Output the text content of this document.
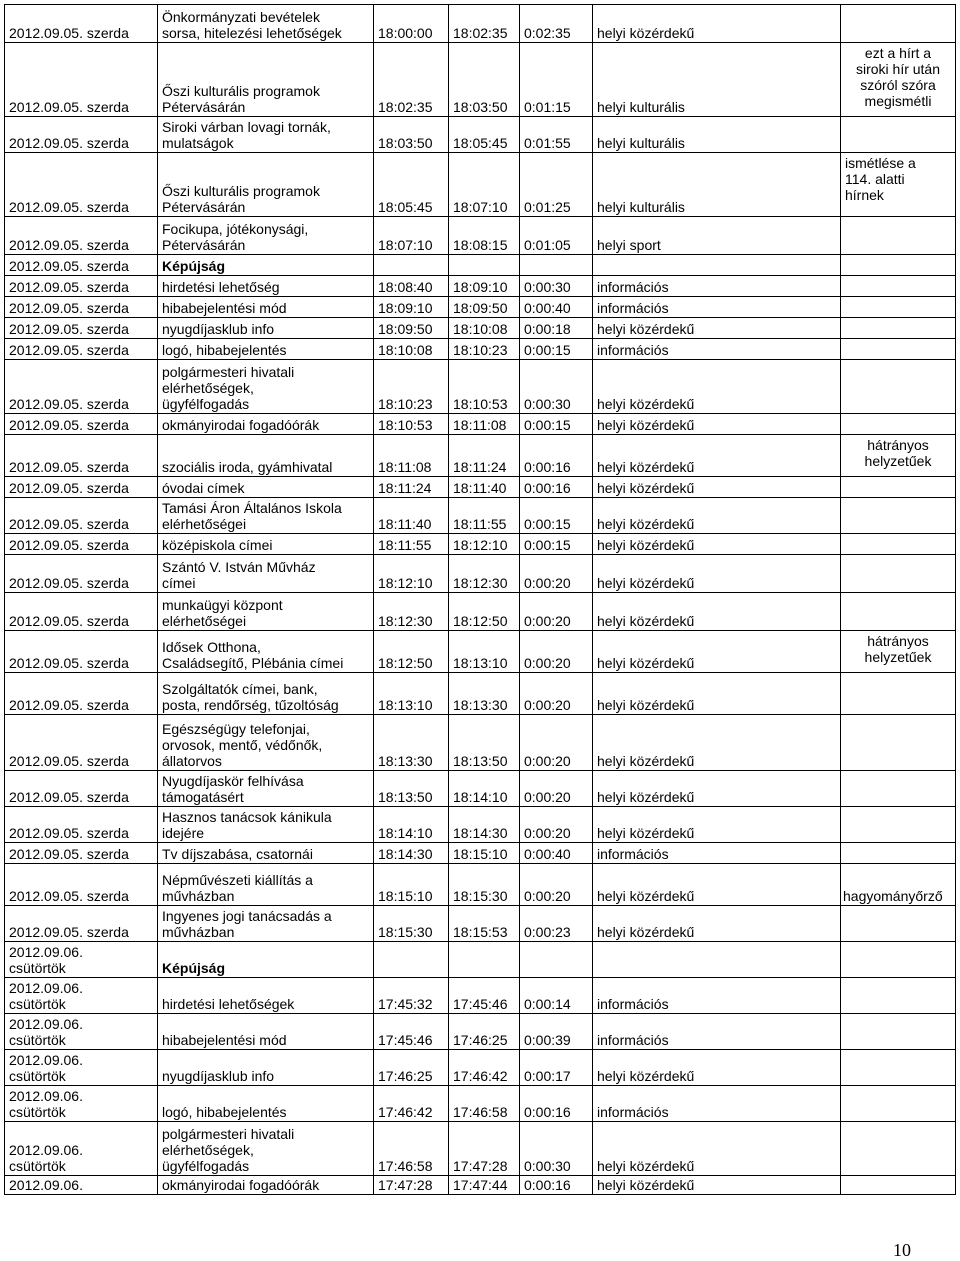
2012.09.05. szerda	Önkormányzati bevételek
sorsa, hitelezési lehetőségek	18:00:00	18:02:35	0:02:35	helyi közérdekű	
2012.09.05. szerda	Őszi kulturális programok
Pétervásárán	18:02:35	18:03:50	0:01:15	helyi kulturális	ezt a hírt a
siroki hír után
szóról szóra
megismétli
2012.09.05. szerda	Siroki várban lovagi tornák,
mulatságok	18:03:50	18:05:45	0:01:55	helyi kulturális	
2012.09.05. szerda	Őszi kulturális programok
Pétervásárán	18:05:45	18:07:10	0:01:25	helyi kulturális	ismétlése a
114. alatti
hírnek
2012.09.05. szerda	Focikupa, jótékonysági,
Pétervásárán	18:07:10	18:08:15	0:01:05	helyi sport	
2012.09.05. szerda	Képújság					
2012.09.05. szerda	hirdetési lehetőség	18:08:40	18:09:10	0:00:30	információs	
2012.09.05. szerda	hibabejelentési mód	18:09:10	18:09:50	0:00:40	információs	
2012.09.05. szerda	nyugdíjasklub info	18:09:50	18:10:08	0:00:18	helyi közérdekű	
2012.09.05. szerda	logó, hibabejelentés	18:10:08	18:10:23	0:00:15	információs	
2012.09.05. szerda	polgármesteri hivatali
elérhetőségek,
ügyfélfogadás	18:10:23	18:10:53	0:00:30	helyi közérdekű	
2012.09.05. szerda	okmányirodai fogadóórák	18:10:53	18:11:08	0:00:15	helyi közérdekű	
2012.09.05. szerda	szociális iroda, gyámhivatal	18:11:08	18:11:24	0:00:16	helyi közérdekű	hátrányos
helyzetűek
2012.09.05. szerda	óvodai címek	18:11:24	18:11:40	0:00:16	helyi közérdekű	
2012.09.05. szerda	Tamási Áron Általános Iskola
elérhetőségei	18:11:40	18:11:55	0:00:15	helyi közérdekű	
2012.09.05. szerda	középiskola címei	18:11:55	18:12:10	0:00:15	helyi közérdekű	
2012.09.05. szerda	Szántó V. István Művház
címei	18:12:10	18:12:30	0:00:20	helyi közérdekű	
2012.09.05. szerda	munkaügyi központ
elérhetőségei	18:12:30	18:12:50	0:00:20	helyi közérdekű	
2012.09.05. szerda	Idősek Otthona,
Családsegítő, Plébánia címei	18:12:50	18:13:10	0:00:20	helyi közérdekű	hátrányos
helyzetűek
2012.09.05. szerda	Szolgáltatók címei, bank,
posta, rendőrség, tűzoltóság	18:13:10	18:13:30	0:00:20	helyi közérdekű	
2012.09.05. szerda	Egészségügy telefonjai,
orvosok, mentő, védőnők,
állatorvos	18:13:30	18:13:50	0:00:20	helyi közérdekű	
2012.09.05. szerda	Nyugdíjaskör felhívása
támogatásért	18:13:50	18:14:10	0:00:20	helyi közérdekű	
2012.09.05. szerda	Hasznos tanácsok kánikula
idejére	18:14:10	18:14:30	0:00:20	helyi közérdekű	
2012.09.05. szerda	Tv díjszabása, csatornái	18:14:30	18:15:10	0:00:40	információs	
2012.09.05. szerda	Népművészeti kiállítás a
művházban	18:15:10	18:15:30	0:00:20	helyi közérdekű	hagyományőrző
2012.09.05. szerda	Ingyenes jogi tanácsadás a
művházban	18:15:30	18:15:53	0:00:23	helyi közérdekű	
2012.09.06.
csütörtök	Képújság					
2012.09.06.
csütörtök	hirdetési lehetőségek	17:45:32	17:45:46	0:00:14	információs	
2012.09.06.
csütörtök	hibabejelentési mód	17:45:46	17:46:25	0:00:39	információs	
2012.09.06.
csütörtök	nyugdíjasklub info	17:46:25	17:46:42	0:00:17	helyi közérdekű	
2012.09.06.
csütörtök	logó, hibabejelentés	17:46:42	17:46:58	0:00:16	információs	
2012.09.06.
csütörtök	polgármesteri hivatali
elérhetőségek,
ügyfélfogadás	17:46:58	17:47:28	0:00:30	helyi közérdekű	
2012.09.06.	okmányirodai fogadóórák	17:47:28	17:47:44	0:00:16	helyi közérdekű	
10
